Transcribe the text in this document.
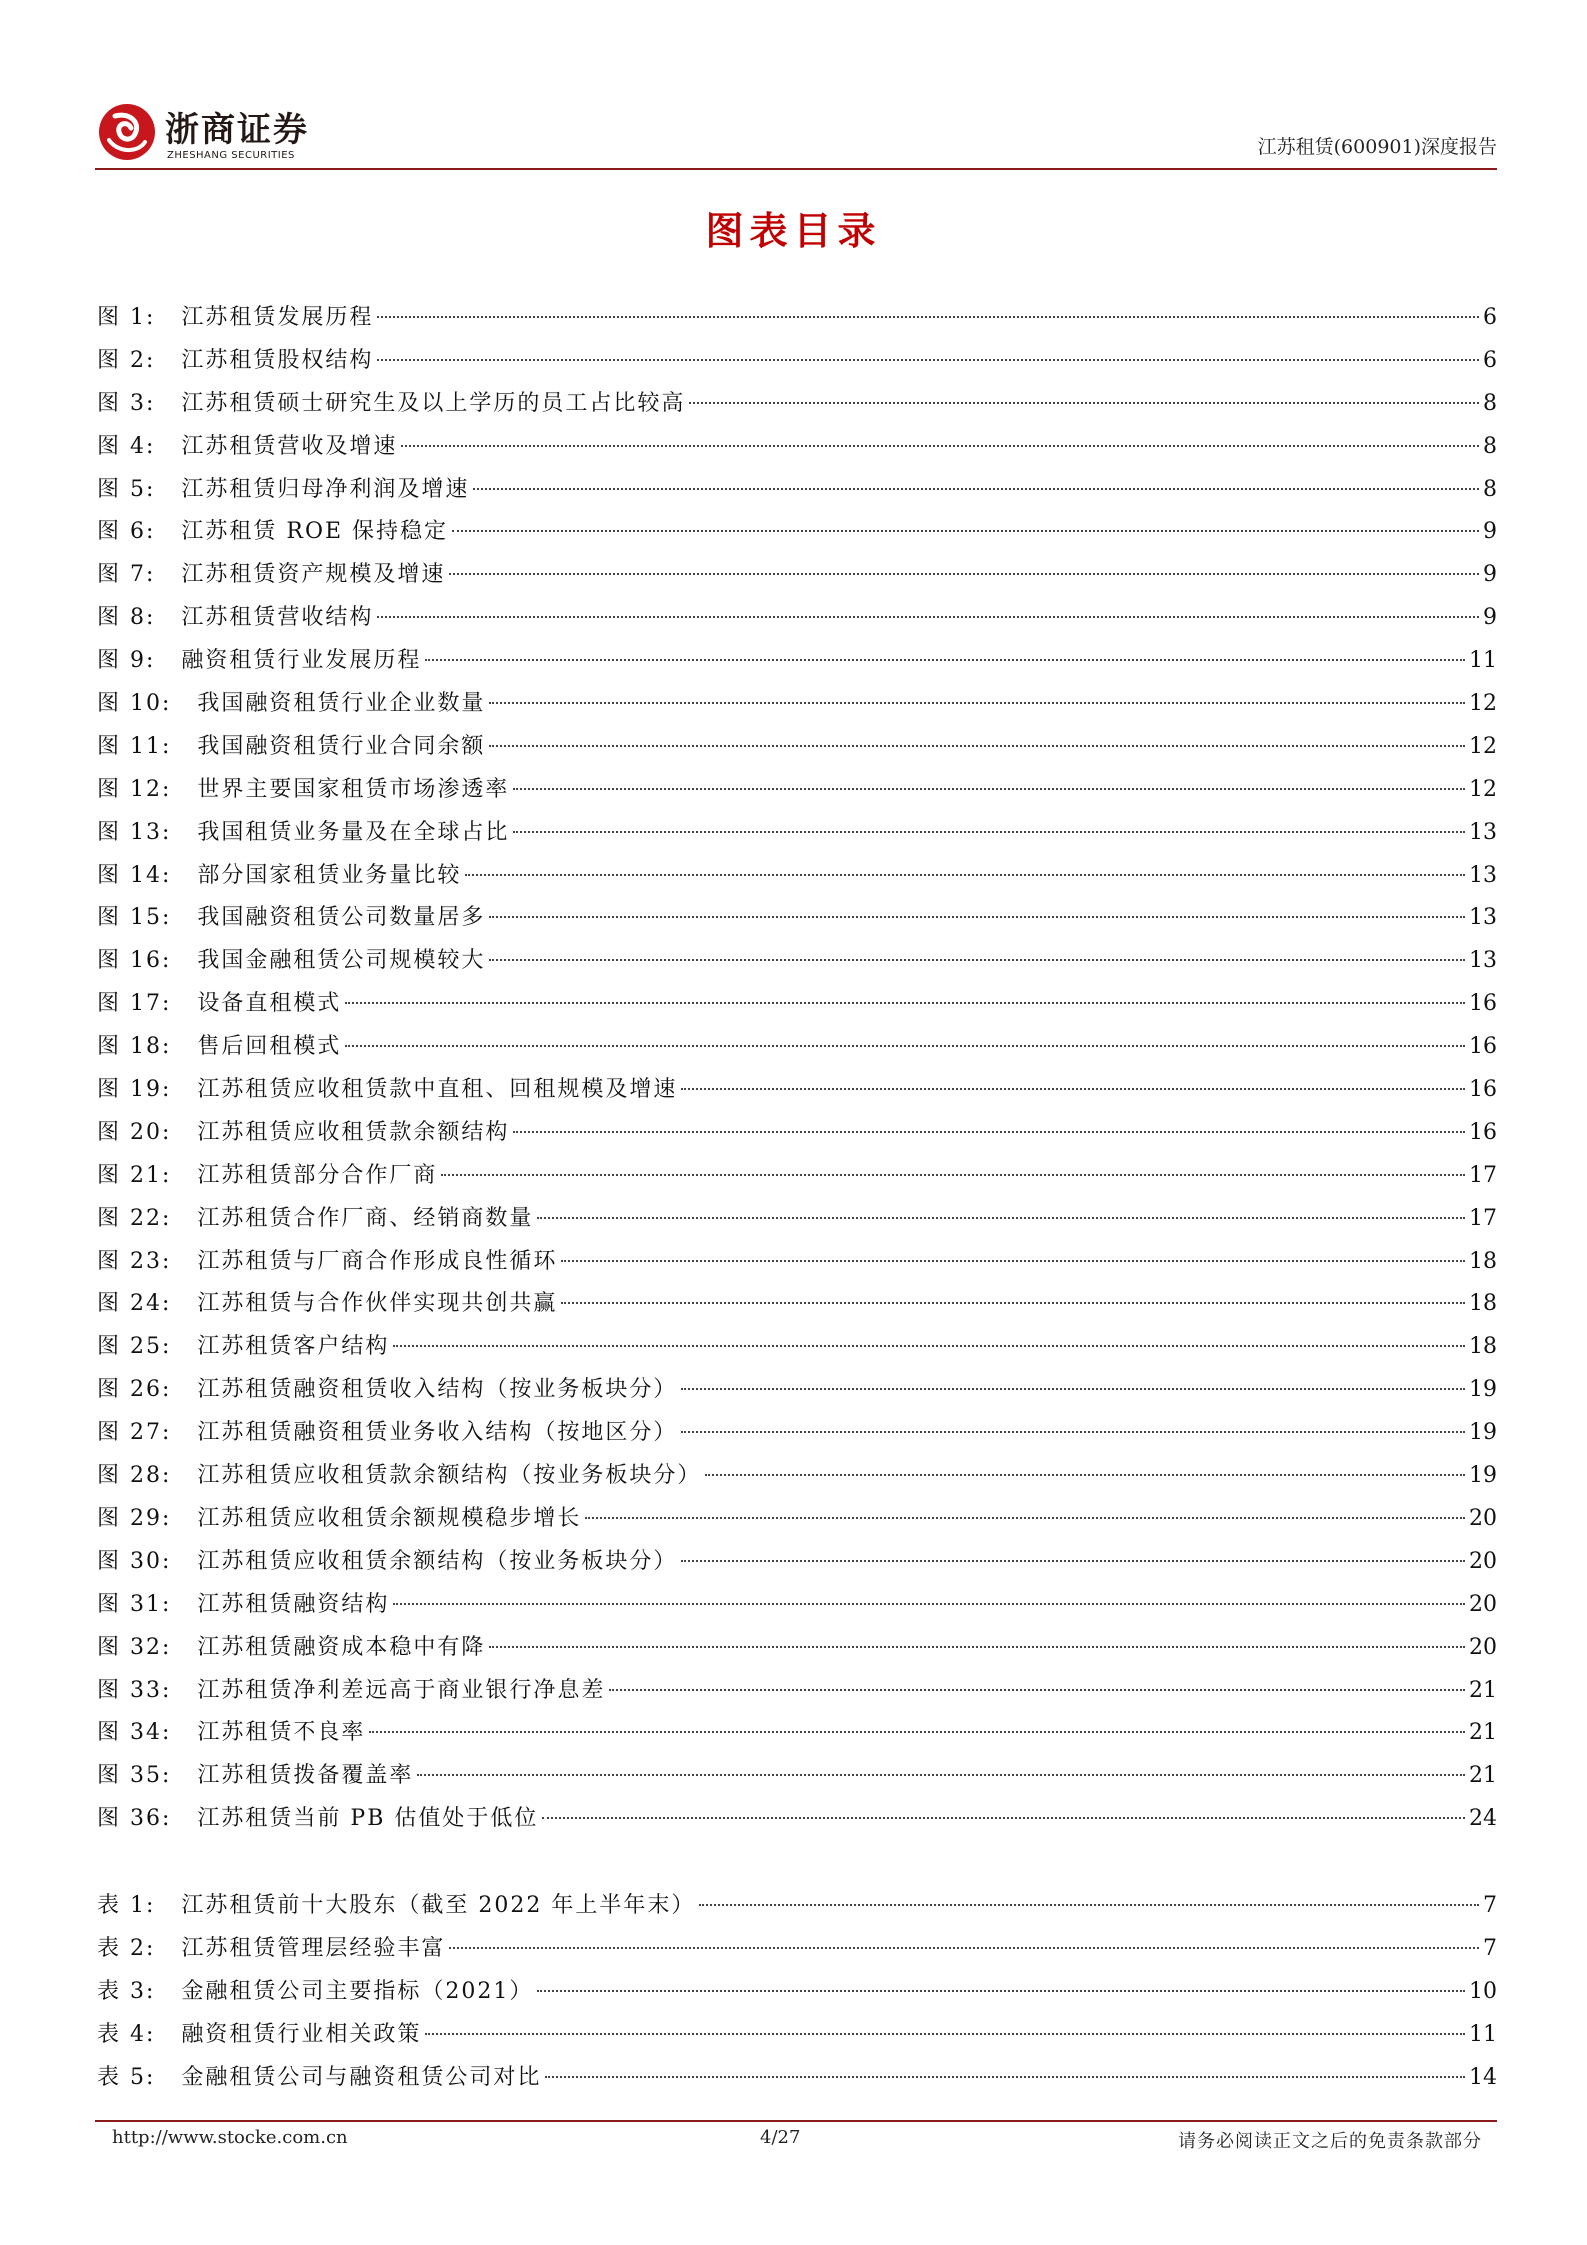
浙商证券
ZHESHANG SECURITIES	江苏租赁(600901)深度报告
图表目录
图 1: 江苏租赁发展历程	6
图 2: 江苏租赁股权结构	6
图 3: 江苏租赁硕士研究生及以上学历的员工占比较高	8
图 4: 江苏租赁营收及增速	8
图 5: 江苏租赁归母净利润及增速	8
图 6: 江苏租赁 ROE 保持稳定	9
图 7: 江苏租赁资产规模及增速	9
图 8: 江苏租赁营收结构	9
图 9: 融资租赁行业发展历程	11
图 10: 我国融资租赁行业企业数量	12
图 11: 我国融资租赁行业合同余额	12
图 12: 世界主要国家租赁市场渗透率	12
图 13: 我国租赁业务量及在全球占比	13
图 14: 部分国家租赁业务量比较	13
图 15: 我国融资租赁公司数量居多	13
图 16: 我国金融租赁公司规模较大	13
图 17: 设备直租模式	16
图 18: 售后回租模式	16
图 19: 江苏租赁应收租赁款中直租、回租规模及增速	16
图 20: 江苏租赁应收租赁款余额结构	16
图 21: 江苏租赁部分合作厂商	17
图 22: 江苏租赁合作厂商、经销商数量	17
图 23: 江苏租赁与厂商合作形成良性循环	18
图 24: 江苏租赁与合作伙伴实现共创共赢	18
图 25: 江苏租赁客户结构	18
图 26: 江苏租赁融资租赁收入结构（按业务板块分）	19
图 27: 江苏租赁融资租赁业务收入结构（按地区分）	19
图 28: 江苏租赁应收租赁款余额结构（按业务板块分）	19
图 29: 江苏租赁应收租赁余额规模稳步增长	20
图 30: 江苏租赁应收租赁余额结构（按业务板块分）	20
图 31: 江苏租赁融资结构	20
图 32: 江苏租赁融资成本稳中有降	20
图 33: 江苏租赁净利差远高于商业银行净息差	21
图 34: 江苏租赁不良率	21
图 35: 江苏租赁拨备覆盖率	21
图 36: 江苏租赁当前 PB 估值处于低位	24
表 1: 江苏租赁前十大股东（截至 2022 年上半年末）	7
表 2: 江苏租赁管理层经验丰富	7
表 3: 金融租赁公司主要指标（2021）	10
表 4: 融资租赁行业相关政策	11
表 5: 金融租赁公司与融资租赁公司对比	14
http://www.stocke.com.cn	4/27	请务必阅读正文之后的免责条款部分
